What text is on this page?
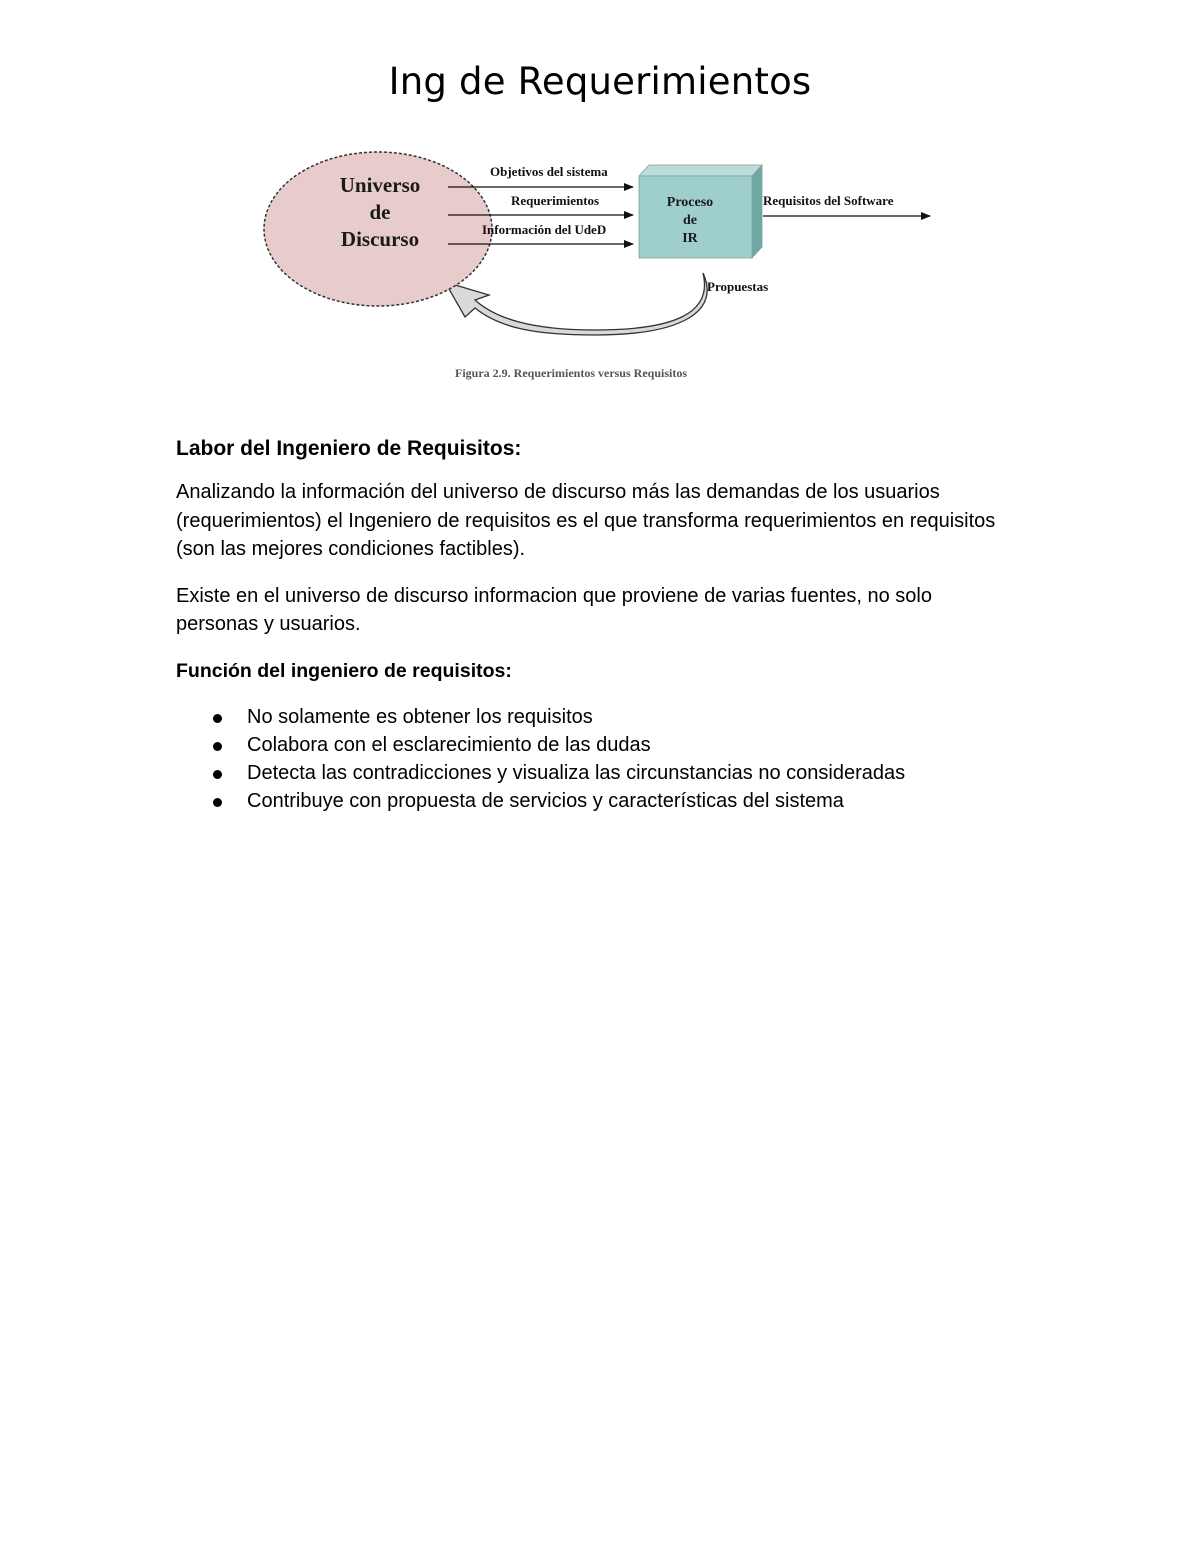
Ing de Requerimientos
Universo
de
Discurso
Objetivos del sistema
Requerimientos
Información del UdeD
Proceso
de
IR
Requisitos del Software
Propuestas
Figura 2.9. Requerimientos versus Requisitos
Labor del Ingeniero de Requisitos:

Analizando la información del universo de discurso más las demandas de los usuarios (requerimientos) el Ingeniero de requisitos es el que transforma requerimientos en requisitos (son las mejores condiciones factibles).

Existe en el universo de discurso informacion que proviene de varias fuentes, no solo personas y usuarios.

Función del ingeniero de requisitos:
No solamente es obtener los requisitos
Colabora con el esclarecimiento de las dudas
Detecta las contradicciones y visualiza las circunstancias no consideradas
Contribuye con propuesta de servicios y características del sistema
